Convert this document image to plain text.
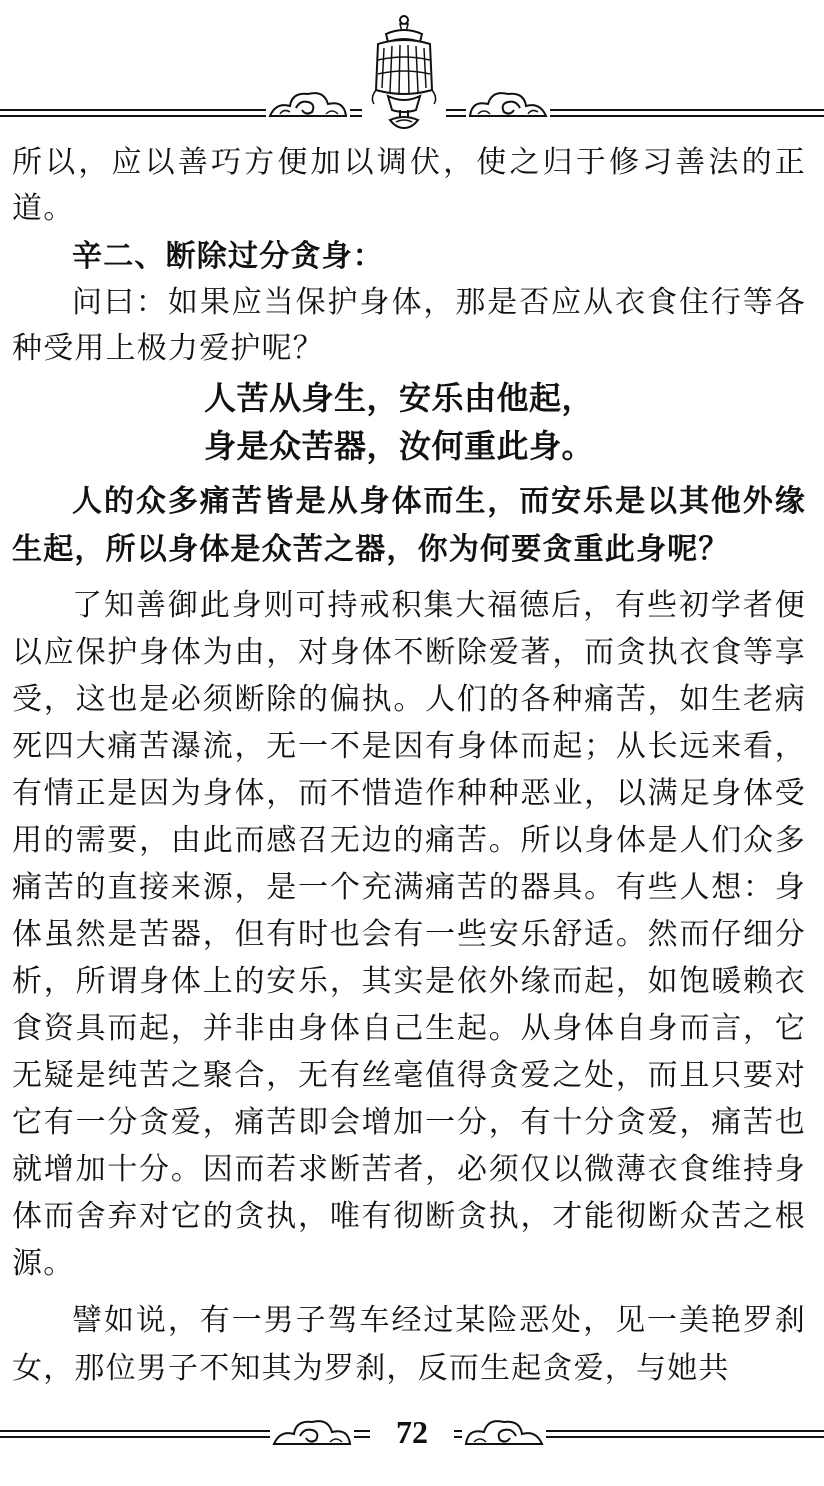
所以，应以善巧方便加以调伏，使之归于修习善法的正道。

辛二、断除过分贪身：

问曰：如果应当保护身体，那是否应从衣食住行等各种受用上极力爱护呢？

人苦从身生，安乐由他起，

身是众苦器，汝何重此身。

人的众多痛苦皆是从身体而生，而安乐是以其他外缘生起，所以身体是众苦之器，你为何要贪重此身呢？

了知善御此身则可持戒积集大福德后，有些初学者便以应保护身体为由，对身体不断除爱著，而贪执衣食等享受，这也是必须断除的偏执。人们的各种痛苦，如生老病死四大痛苦瀑流，无一不是因有身体而起；从长远来看，有情正是因为身体，而不惜造作种种恶业，以满足身体受用的需要，由此而感召无边的痛苦。所以身体是人们众多痛苦的直接来源，是一个充满痛苦的器具。有些人想：身体虽然是苦器，但有时也会有一些安乐舒适。然而仔细分析，所谓身体上的安乐，其实是依外缘而起，如饱暖赖衣食资具而起，并非由身体自己生起。从身体自身而言，它无疑是纯苦之聚合，无有丝毫值得贪爱之处，而且只要对它有一分贪爱，痛苦即会增加一分，有十分贪爱，痛苦也就增加十分。因而若求断苦者，必须仅以微薄衣食维持身体而舍弃对它的贪执，唯有彻断贪执，才能彻断众苦之根源。

譬如说，有一男子驾车经过某险恶处，见一美艳罗刹女，那位男子不知其为罗刹，反而生起贪爱，与她共

72
